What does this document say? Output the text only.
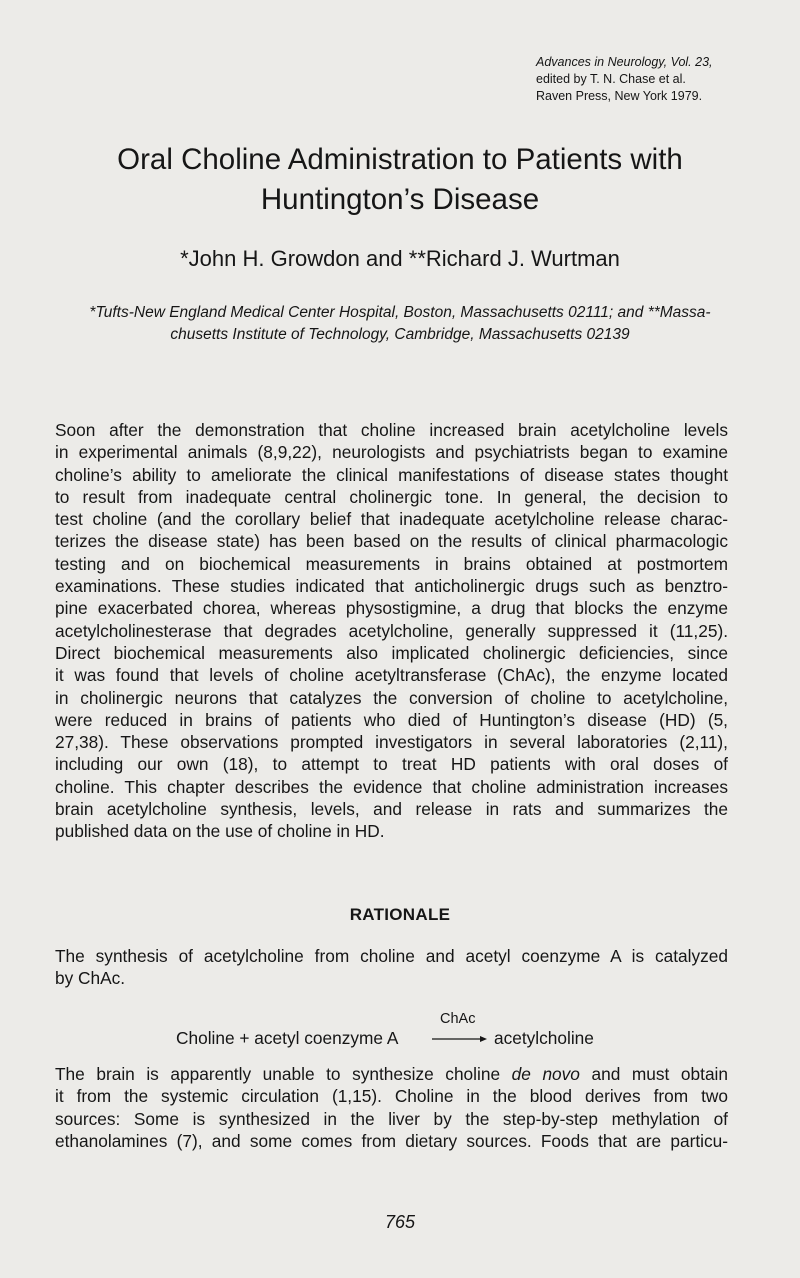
Advances in Neurology, Vol. 23,
edited by T. N. Chase et al.
Raven Press, New York 1979.
Oral Choline Administration to Patients with
Huntington’s Disease
*John H. Growdon and **Richard J. Wurtman
*Tufts-New England Medical Center Hospital, Boston, Massachusetts 02111; and **Massa-
chusetts Institute of Technology, Cambridge, Massachusetts 02139
Soon after the demonstration that choline increased brain acetylcholine levels
in experimental animals (8,9,22), neurologists and psychiatrists began to examine
choline’s ability to ameliorate the clinical manifestations of disease states thought
to result from inadequate central cholinergic tone. In general, the decision to
test choline (and the corollary belief that inadequate acetylcholine release charac-
terizes the disease state) has been based on the results of clinical pharmacologic
testing and on biochemical measurements in brains obtained at postmortem
examinations. These studies indicated that anticholinergic drugs such as benztro-
pine exacerbated chorea, whereas physostigmine, a drug that blocks the enzyme
acetylcholinesterase that degrades acetylcholine, generally suppressed it (11,25).
Direct biochemical measurements also implicated cholinergic deficiencies, since
it was found that levels of choline acetyltransferase (ChAc), the enzyme located
in cholinergic neurons that catalyzes the conversion of choline to acetylcholine,
were reduced in brains of patients who died of Huntington’s disease (HD) (5,
27,38). These observations prompted investigators in several laboratories (2,11),
including our own (18), to attempt to treat HD patients with oral doses of
choline. This chapter describes the evidence that choline administration increases
brain acetylcholine synthesis, levels, and release in rats and summarizes the
published data on the use of choline in HD.
RATIONALE
The synthesis of acetylcholine from choline and acetyl coenzyme A is catalyzed
by ChAc.
ChAc
Choline + acetyl coenzyme A → acetylcholine
The brain is apparently unable to synthesize choline de novo and must obtain
it from the systemic circulation (1,15). Choline in the blood derives from two
sources: Some is synthesized in the liver by the step-by-step methylation of
ethanolamines (7), and some comes from dietary sources. Foods that are particu-
765
